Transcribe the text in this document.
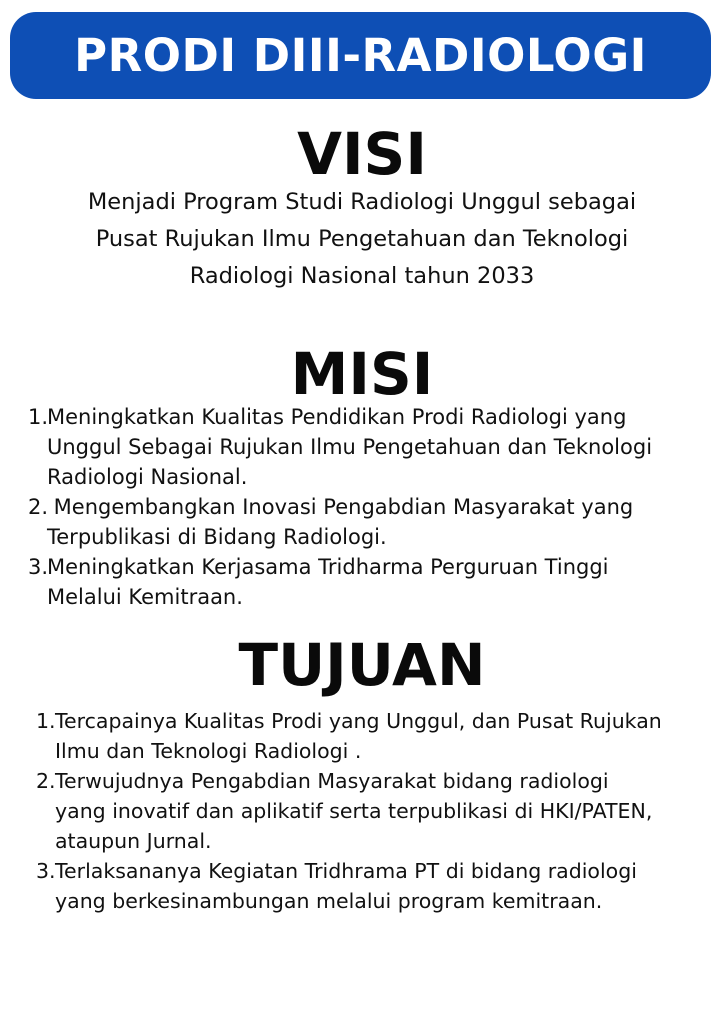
PRODI DIII-RADIOLOGI
VISI

Menjadi Program Studi Radiologi Unggul sebagai
Pusat Rujukan Ilmu Pengetahuan dan Teknologi
Radiologi Nasional tahun 2033

MISI
1.
Meningkatkan Kualitas Pendidikan Prodi Radiologi yang
Unggul Sebagai Rujukan Ilmu Pengetahuan dan Teknologi
Radiologi Nasional.
2.
Mengembangkan Inovasi Pengabdian Masyarakat yang
Terpublikasi di Bidang Radiologi.
3.
Meningkatkan Kerjasama Tridharma Perguruan Tinggi
Melalui Kemitraan.
TUJUAN
1. Tercapainya Kualitas Prodi yang Unggul, dan Pusat Rujukan
Ilmu dan Teknologi Radiologi .
2. Terwujudnya Pengabdian Masyarakat bidang radiologi
yang inovatif dan aplikatif serta terpublikasi di HKI/PATEN,
ataupun Jurnal.
3. Terlaksananya Kegiatan Tridhrama PT di bidang radiologi
yang berkesinambungan melalui program kemitraan.
